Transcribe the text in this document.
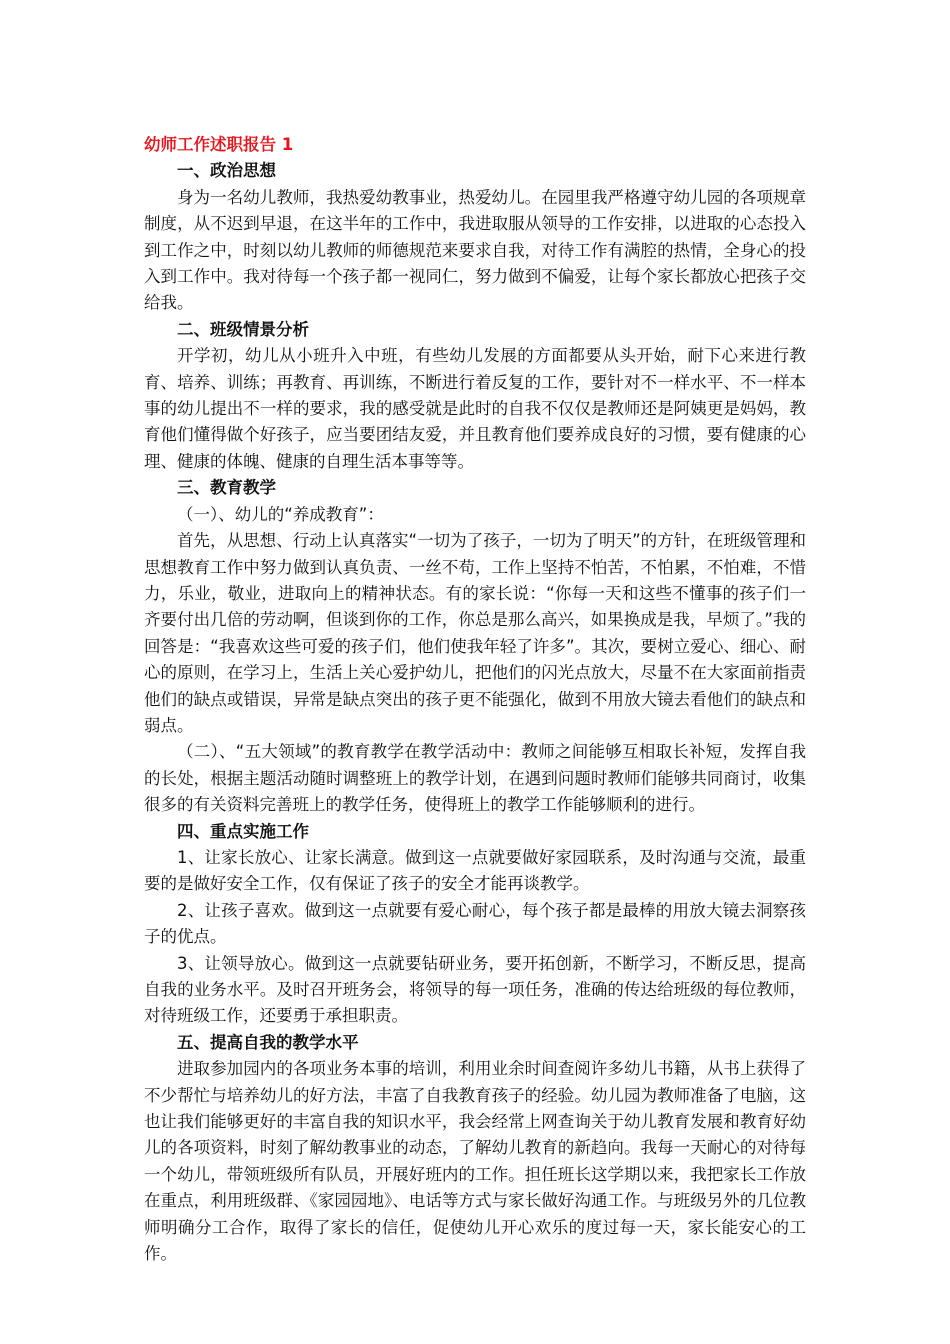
幼师工作述职报告 1

一、政治思想

身为一名幼儿教师，我热爱幼教事业，热爱幼儿。在园里我严格遵守幼儿园的各项规章制度，从不迟到早退，在这半年的工作中，我进取服从领导的工作安排，以进取的心态投入到工作之中，时刻以幼儿教师的师德规范来要求自我，对待工作有满腔的热情，全身心的投入到工作中。我对待每一个孩子都一视同仁，努力做到不偏爱，让每个家长都放心把孩子交给我。

二、班级情景分析

开学初，幼儿从小班升入中班，有些幼儿发展的方面都要从头开始，耐下心来进行教育、培养、训练；再教育、再训练，不断进行着反复的工作，要针对不一样水平、不一样本事的幼儿提出不一样的要求，我的感受就是此时的自我不仅仅是教师还是阿姨更是妈妈，教育他们懂得做个好孩子，应当要团结友爱，并且教育他们要养成良好的习惯，要有健康的心理、健康的体魄、健康的自理生活本事等等。

三、教育教学

（一）、幼儿的“养成教育”：

首先，从思想、行动上认真落实“一切为了孩子，一切为了明天”的方针，在班级管理和思想教育工作中努力做到认真负责、一丝不苟，工作上坚持不怕苦，不怕累，不怕难，不惜力，乐业，敬业，进取向上的精神状态。有的家长说：“你每一天和这些不懂事的孩子们一齐要付出几倍的劳动啊，但谈到你的工作，你总是那么高兴，如果换成是我，早烦了。”我的回答是：“我喜欢这些可爱的孩子们，他们使我年轻了许多”。其次，要树立爱心、细心、耐心的原则，在学习上，生活上关心爱护幼儿，把他们的闪光点放大，尽量不在大家面前指责他们的缺点或错误，异常是缺点突出的孩子更不能强化，做到不用放大镜去看他们的缺点和弱点。

（二）、“五大领域”的教育教学在教学活动中：教师之间能够互相取长补短，发挥自我的长处，根据主题活动随时调整班上的教学计划，在遇到问题时教师们能够共同商讨，收集很多的有关资料完善班上的教学任务，使得班上的教学工作能够顺利的进行。

四、重点实施工作

1、让家长放心、让家长满意。做到这一点就要做好家园联系，及时沟通与交流，最重要的是做好安全工作，仅有保证了孩子的安全才能再谈教学。

2、让孩子喜欢。做到这一点就要有爱心耐心，每个孩子都是最棒的用放大镜去洞察孩子的优点。

3、让领导放心。做到这一点就要钻研业务，要开拓创新，不断学习，不断反思，提高自我的业务水平。及时召开班务会，将领导的每一项任务，准确的传达给班级的每位教师，对待班级工作，还要勇于承担职责。

五、提高自我的教学水平

进取参加园内的各项业务本事的培训，利用业余时间查阅许多幼儿书籍，从书上获得了不少帮忙与培养幼儿的好方法，丰富了自我教育孩子的经验。幼儿园为教师准备了电脑，这也让我们能够更好的丰富自我的知识水平，我会经常上网查询关于幼儿教育发展和教育好幼儿的各项资料，时刻了解幼教事业的动态，了解幼儿教育的新趋向。我每一天耐心的对待每一个幼儿，带领班级所有队员，开展好班内的工作。担任班长这学期以来，我把家长工作放在重点，利用班级群、《家园园地》、电话等方式与家长做好沟通工作。与班级另外的几位教师明确分工合作，取得了家长的信任，促使幼儿开心欢乐的度过每一天，家长能安心的工作。
